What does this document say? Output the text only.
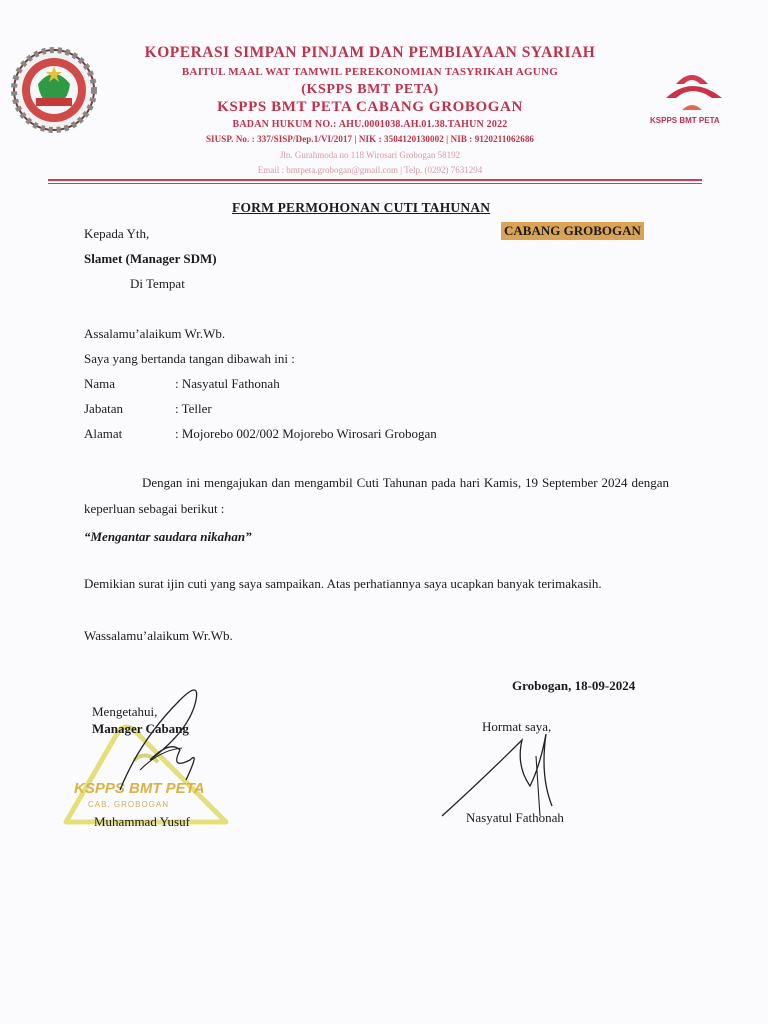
KOPERASI SIMPAN PINJAM DAN PEMBIAYAAN SYARIAH
BAITUL MAAL WAT TAMWIL PEREKONOMIAN TASYRIKAH AGUNG
(KSPPS BMT PETA)
KSPPS BMT PETA CABANG GROBOGAN
BADAN HUKUM NO.: AHU.0001038.AH.01.38.TAHUN 2022
SIUSP. No. : 337/SISP/Dep.1/VI/2017 | NIK : 3504120130002 | NIB : 9120211062686
Jln. Gurahmoda no 118 Wirosari Grobogan 58192
Email : bmtpeta.grobogan@gmail.com | Telp. (0292) 7631294
KSPPS BMT PETA
FORM PERMOHONAN CUTI TAHUNAN
Kepada Yth,	CABANG GROBOGAN
Slamet (Manager SDM)
Di Tempat
Assalamu’alaikum Wr.Wb.
Saya yang bertanda tangan dibawah ini :
Nama	: Nasyatul Fathonah
Jabatan	: Teller
Alamat	: Mojorebo 002/002 Mojorebo Wirosari Grobogan
Dengan ini mengajukan dan mengambil Cuti Tahunan pada hari Kamis, 19 September 2024 dengan keperluan sebagai berikut :
“Mengantar saudara nikahan”
Demikian surat ijin cuti yang saya sampaikan. Atas perhatiannya saya ucapkan banyak terimakasih.
Wassalamu’alaikum Wr.Wb.
Grobogan, 18-09-2024
KSPPS BMT PETA
CAB. GROBOGAN
Mengetahui,
Manager Cabang
Muhammad Yusuf
Hormat saya,
Nasyatul Fathonah
